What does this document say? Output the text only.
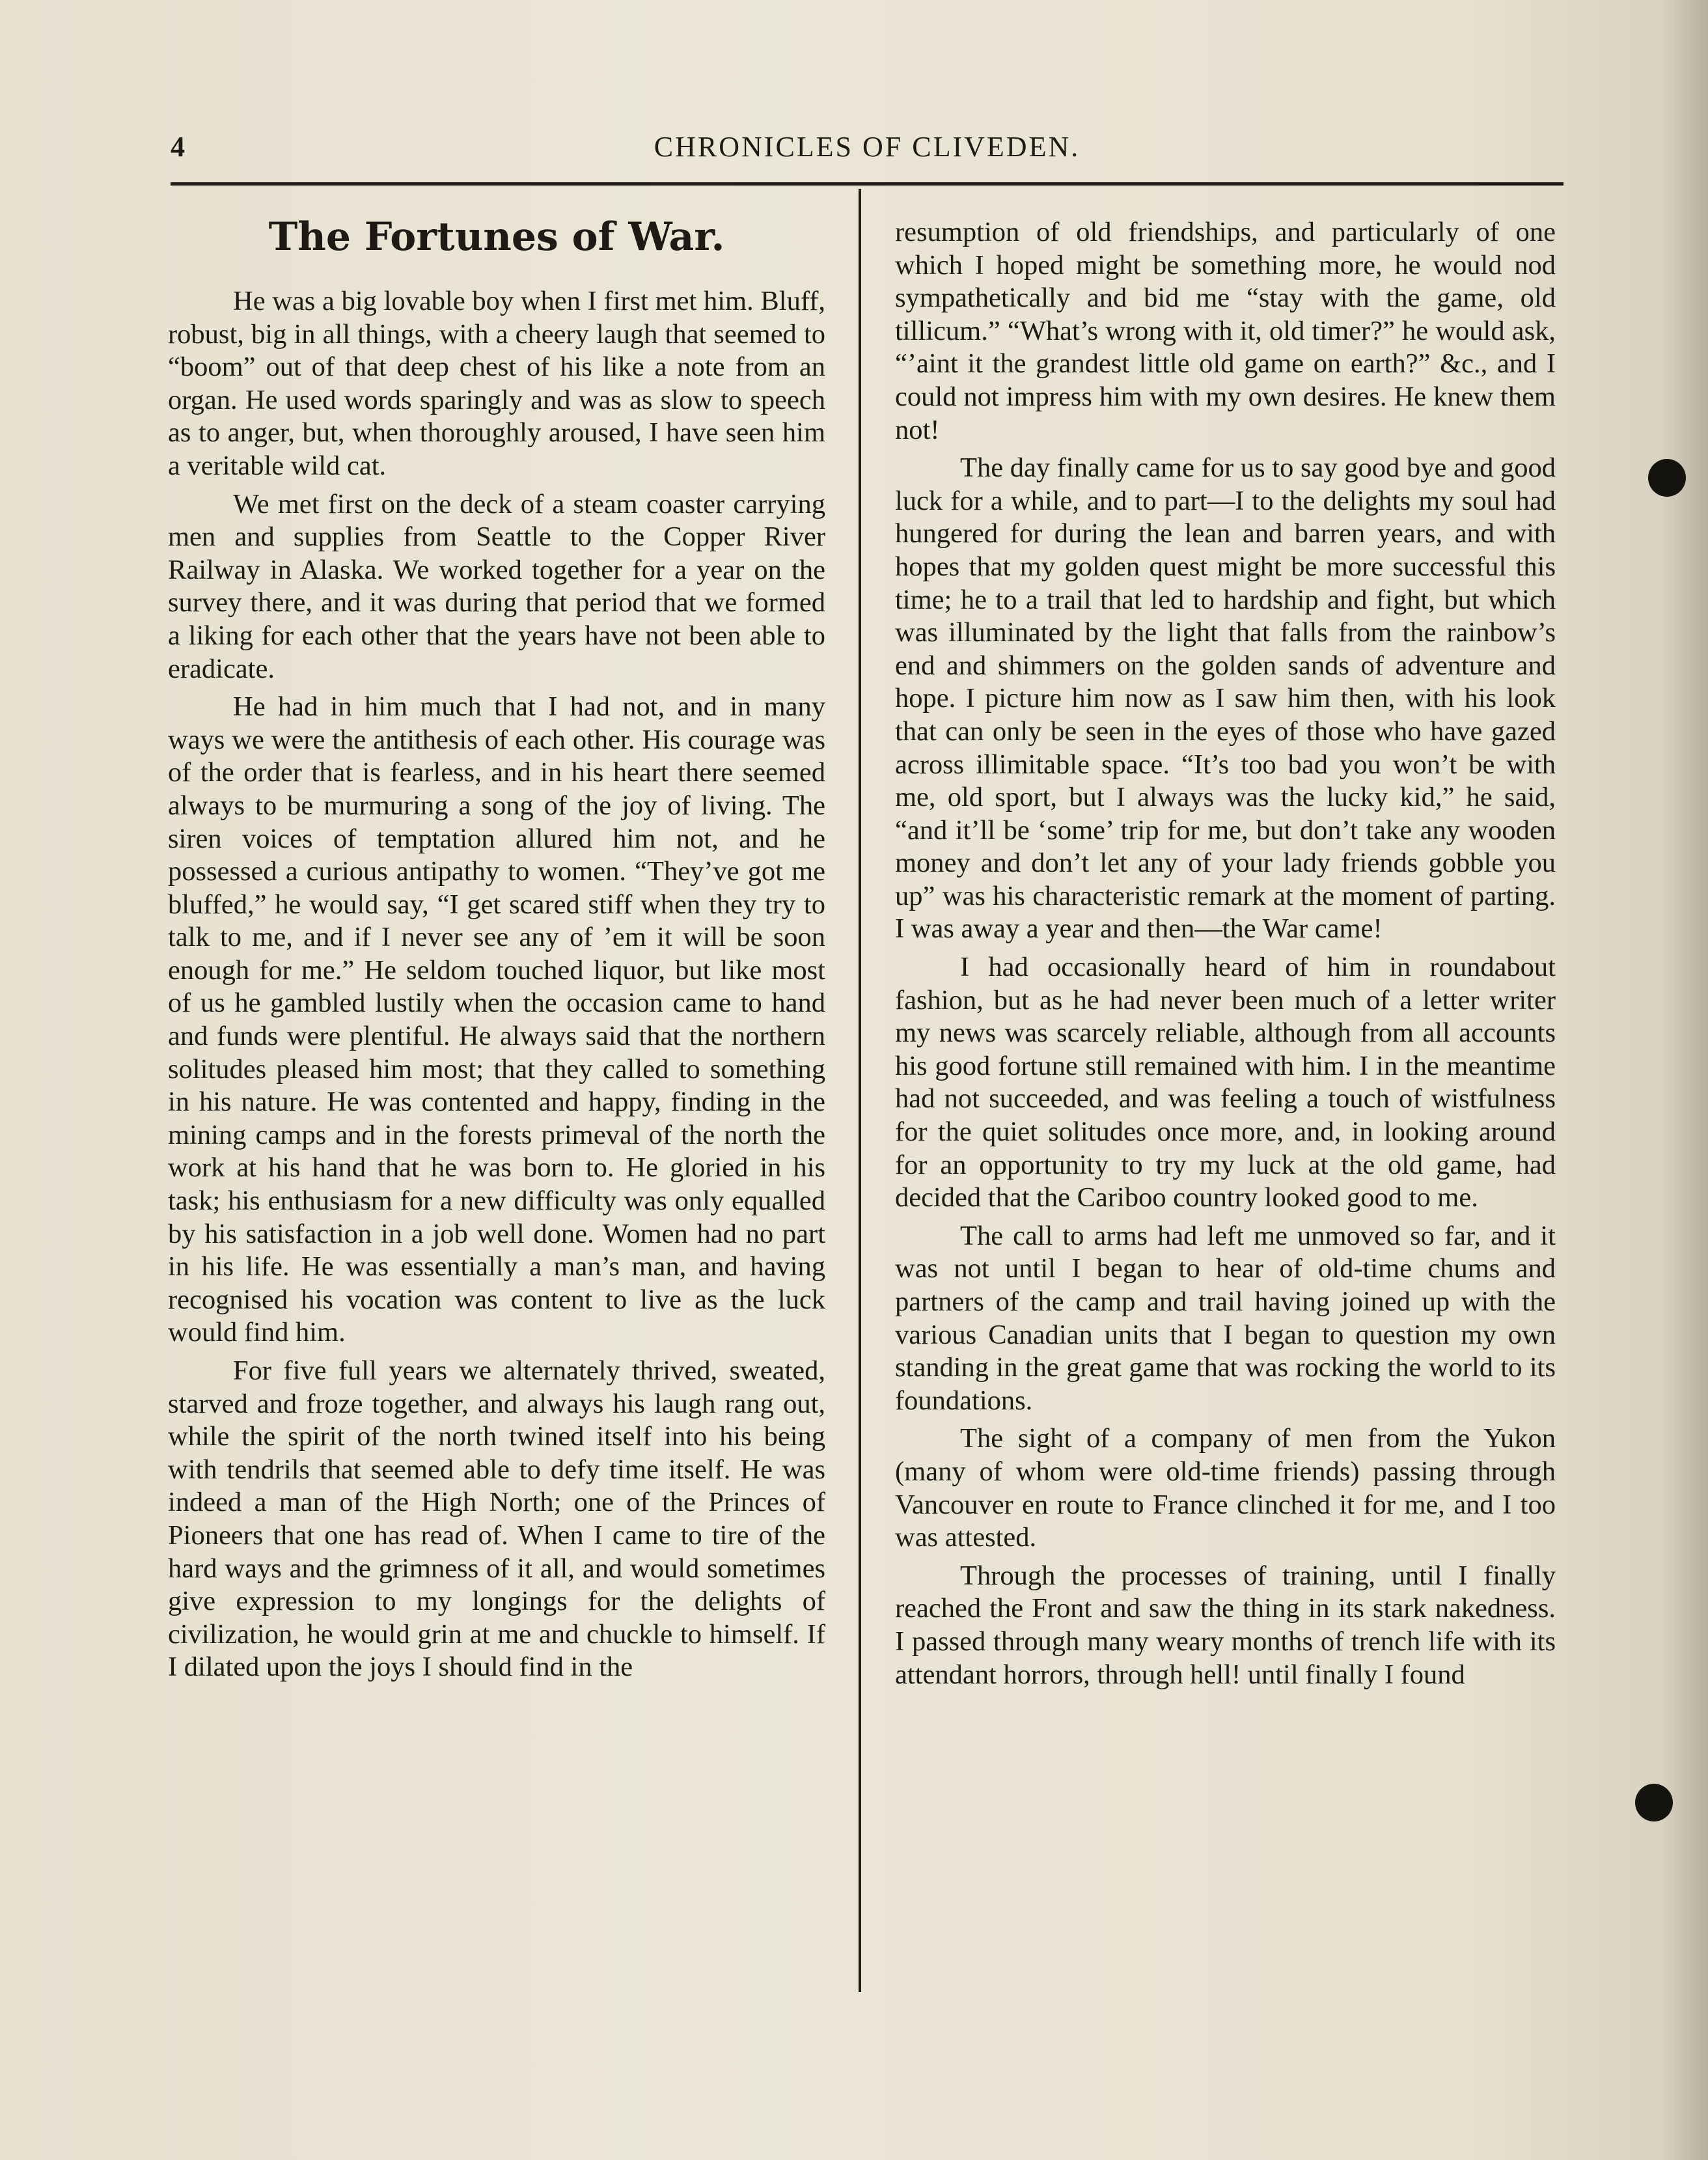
4	CHRONICLES OF CLIVEDEN.
The Fortunes of War.

He was a big lovable boy when I first met him. Bluff, robust, big in all things, with a cheery laugh that seemed to “boom” out of that deep chest of his like a note from an organ. He used words sparingly and was as slow to speech as to anger, but, when thoroughly aroused, I have seen him a veritable wild cat.

We met first on the deck of a steam coaster carrying men and supplies from Seattle to the Copper River Railway in Alaska. We worked together for a year on the survey there, and it was during that period that we formed a liking for each other that the years have not been able to eradicate.

He had in him much that I had not, and in many ways we were the antithesis of each other. His courage was of the order that is fearless, and in his heart there seemed always to be murmuring a song of the joy of living. The siren voices of temptation allured him not, and he possessed a curious antipathy to women. “They’ve got me bluffed,” he would say, “I get scared stiff when they try to talk to me, and if I never see any of ’em it will be soon enough for me.” He seldom touched liquor, but like most of us he gambled lustily when the occasion came to hand and funds were plentiful. He always said that the northern solitudes pleased him most; that they called to something in his nature. He was contented and happy, finding in the mining camps and in the forests primeval of the north the work at his hand that he was born to. He gloried in his task; his enthusiasm for a new difficulty was only equalled by his satisfaction in a job well done. Women had no part in his life. He was essentially a man’s man, and having recognised his vocation was content to live as the luck would find him.

For five full years we alternately thrived, sweated, starved and froze together, and always his laugh rang out, while the spirit of the north twined itself into his being with tendrils that seemed able to defy time itself. He was indeed a man of the High North; one of the Princes of Pioneers that one has read of. When I came to tire of the hard ways and the grimness of it all, and would sometimes give expression to my longings for the delights of civilization, he would grin at me and chuckle to himself. If I dilated upon the joys I should find in the

resumption of old friendships, and particularly of one which I hoped might be something more, he would nod sympathetically and bid me “stay with the game, old tillicum.” “What’s wrong with it, old timer?” he would ask, “’aint it the grandest little old game on earth?” &c., and I could not impress him with my own desires. He knew them not!

The day finally came for us to say good bye and good luck for a while, and to part—I to the delights my soul had hungered for during the lean and barren years, and with hopes that my golden quest might be more successful this time; he to a trail that led to hardship and fight, but which was illuminated by the light that falls from the rainbow’s end and shimmers on the golden sands of adventure and hope. I picture him now as I saw him then, with his look that can only be seen in the eyes of those who have gazed across illimitable space. “It’s too bad you won’t be with me, old sport, but I always was the lucky kid,” he said, “and it’ll be ‘some’ trip for me, but don’t take any wooden money and don’t let any of your lady friends gobble you up” was his characteristic remark at the moment of parting. I was away a year and then—the War came!

I had occasionally heard of him in roundabout fashion, but as he had never been much of a letter writer my news was scarcely reliable, although from all accounts his good fortune still remained with him. I in the meantime had not succeeded, and was feeling a touch of wistfulness for the quiet solitudes once more, and, in looking around for an opportunity to try my luck at the old game, had decided that the Cariboo country looked good to me.

The call to arms had left me unmoved so far, and it was not until I began to hear of old-time chums and partners of the camp and trail having joined up with the various Canadian units that I began to question my own standing in the great game that was rocking the world to its foundations.

The sight of a company of men from the Yukon (many of whom were old-time friends) passing through Vancouver en route to France clinched it for me, and I too was attested.

Through the processes of training, until I finally reached the Front and saw the thing in its stark nakedness. I passed through many weary months of trench life with its attendant horrors, through hell! until finally I found
